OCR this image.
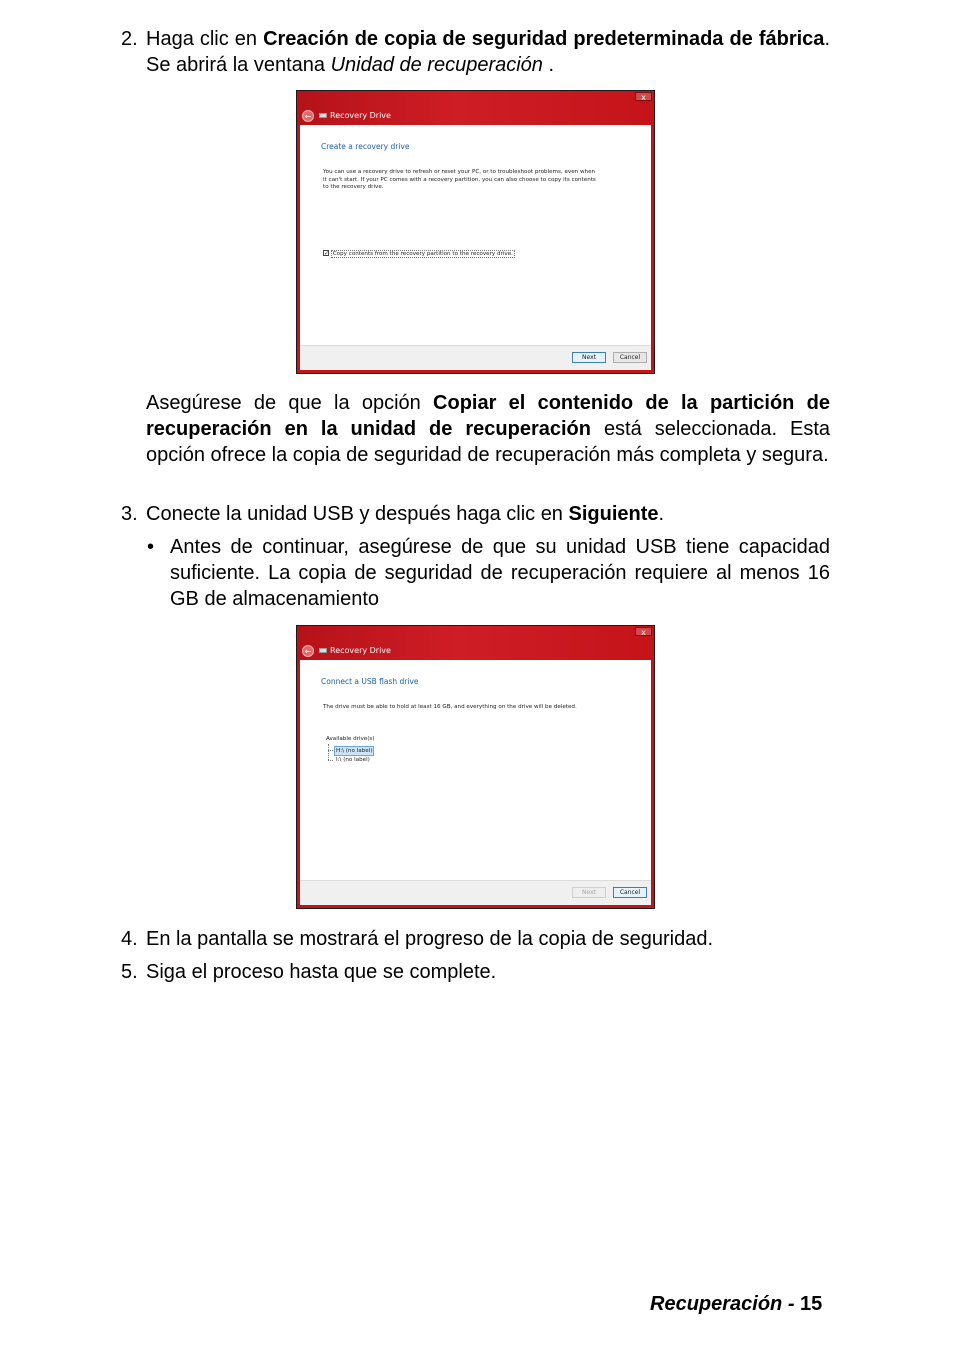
2. Haga clic en Creación de copia de seguridad predeterminada de fábrica. Se abrirá la ventana Unidad de recuperación .

x
←	Recovery Drive
Create a recovery drive
You can use a recovery drive to refresh or reset your PC, or to troubleshoot problems, even when
it can't start. If your PC comes with a recovery partition, you can also choose to copy its contents
to the recovery drive.
✓ Copy contents from the recovery partition to the recovery drive.
Next	Cancel

Asegúrese de que la opción Copiar el contenido de la partición de recuperación en la unidad de recuperación está seleccionada. Esta opción ofrece la copia de seguridad de recuperación más completa y segura.

3. Conecte la unidad USB y después haga clic en Siguiente.

• Antes de continuar, asegúrese de que su unidad USB tiene capacidad suficiente. La copia de seguridad de recuperación requiere al menos 16 GB de almacenamiento

x
←	Recovery Drive
Connect a USB flash drive
The drive must be able to hold at least 16 GB, and everything on the drive will be deleted.
Available drive(s)
H:\ (no label)
I:\ (no label)
Next	Cancel

4. En la pantalla se mostrará el progreso de la copia de seguridad.

5. Siga el proceso hasta que se complete.

Recuperación - 15
